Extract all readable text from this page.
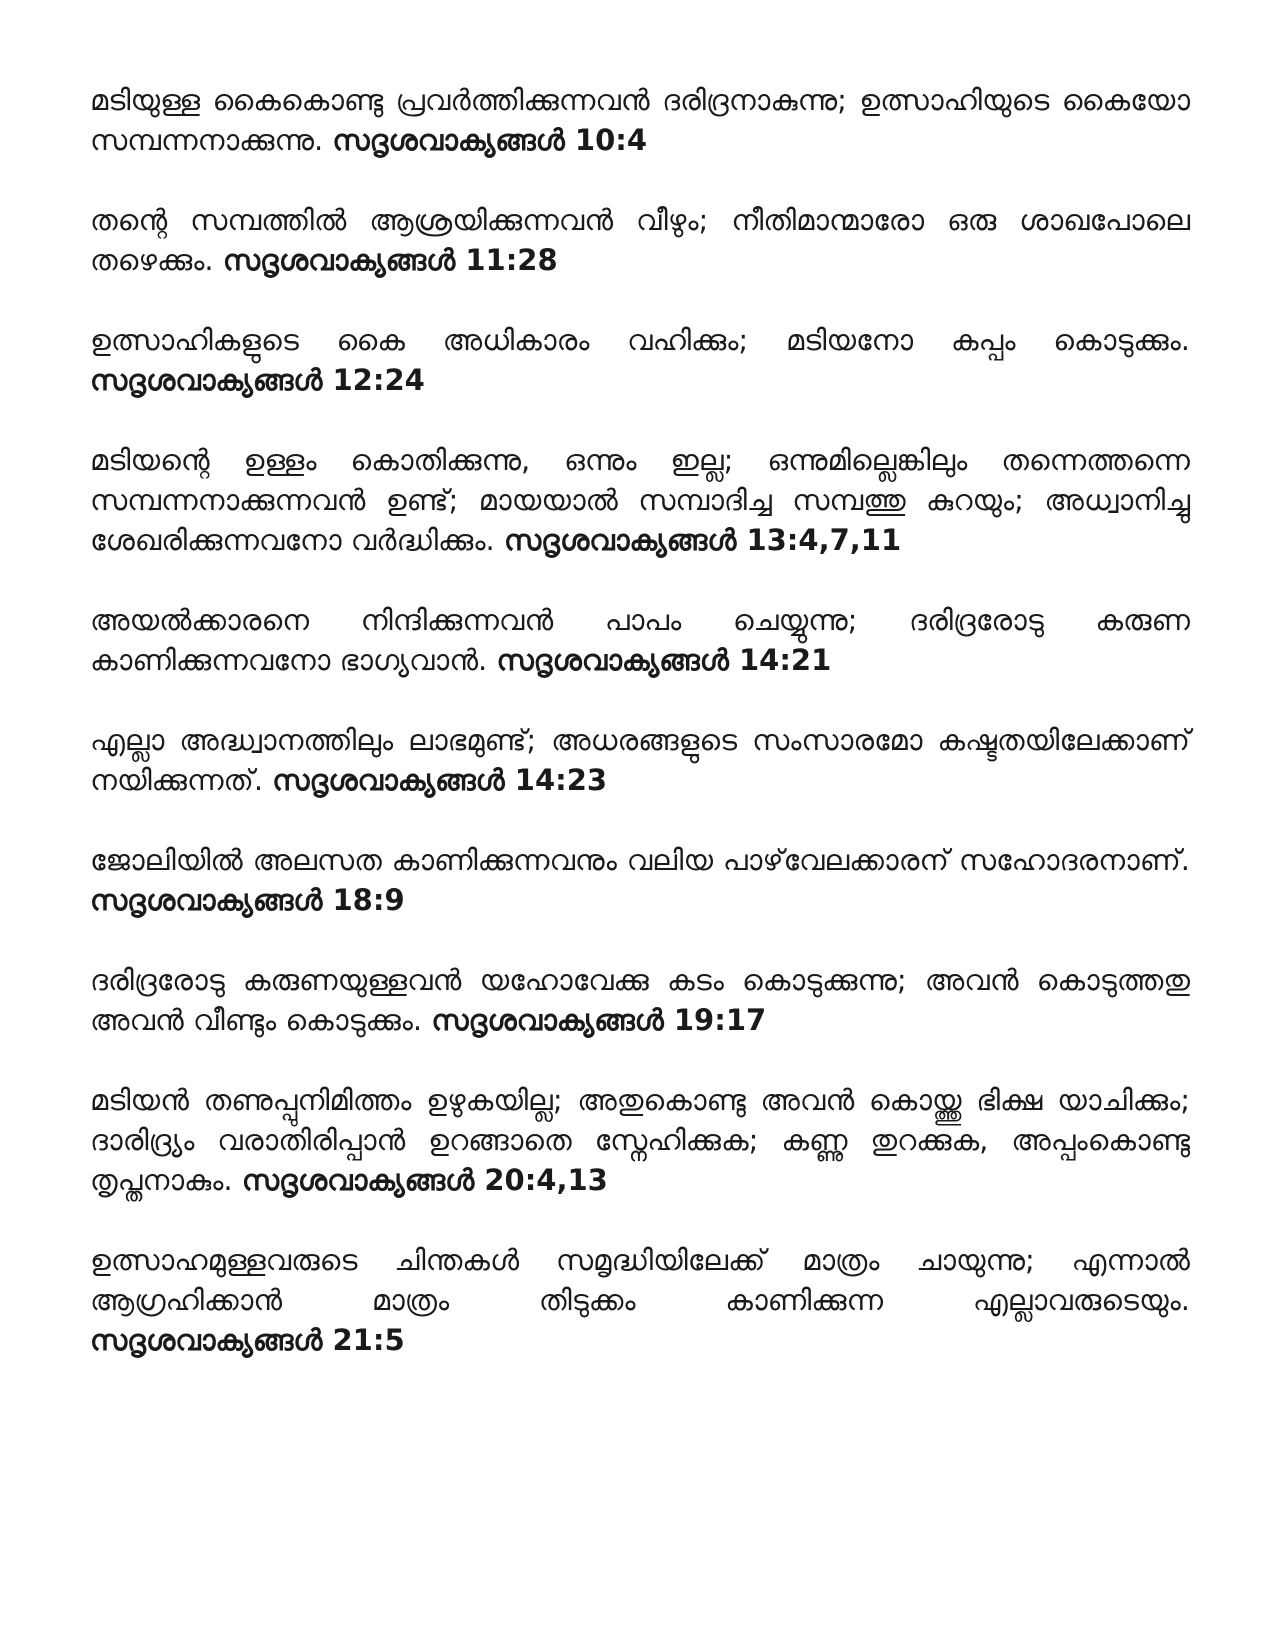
മടിയുള്ള കൈകൊണ്ടു പ്രവർത്തിക്കുന്നവൻ ദരിദ്രനാകുന്നു; ഉത്സാഹിയുടെ കൈയോ സമ്പന്നനാക്കുന്നു. സദൃശവാക്യങ്ങൾ 10:4

തന്റെ സമ്പത്തിൽ ആശ്രയിക്കുന്നവൻ വീഴും; നീതിമാന്മാരോ ഒരു ശാഖപോലെ തഴെക്കും. സദൃശവാക്യങ്ങൾ 11:28

ഉത്സാഹികളുടെ കൈ അധികാരം വഹിക്കും; മടിയനോ കപ്പം കൊടുക്കും. സദൃശവാക്യങ്ങൾ 12:24

മടിയന്റെ ഉള്ളം കൊതിക്കുന്നു, ഒന്നും ഇല്ല; ഒന്നുമില്ലെങ്കിലും തന്നെത്തന്നെ സമ്പന്നനാക്കുന്നവൻ ഉണ്ട്; മായയാൽ സമ്പാദിച്ച സമ്പത്തു കുറയും; അധ്വാനിച്ചു ശേഖരിക്കുന്നവനോ വർദ്ധിക്കും. സദൃശവാക്യങ്ങൾ 13:4,7,11

അയൽക്കാരനെ നിന്ദിക്കുന്നവൻ പാപം ചെയ്യുന്നു; ദരിദ്രരോടു കരുണ കാണിക്കുന്നവനോ ഭാഗ്യവാൻ. സദൃശവാക്യങ്ങൾ 14:21

എല്ലാ അദ്ധ്വാനത്തിലും ലാഭമുണ്ട്; അധരങ്ങളുടെ സംസാരമോ കഷ്ടതയിലേക്കാണ് നയിക്കുന്നത്. സദൃശവാക്യങ്ങൾ 14:23

ജോലിയിൽ അലസത കാണിക്കുന്നവനും വലിയ പാഴ്‌വേലക്കാരന് സഹോദരനാണ്. സദൃശവാക്യങ്ങൾ 18:9

ദരിദ്രരോടു കരുണയുള്ളവൻ യഹോവേക്കു കടം കൊടുക്കുന്നു; അവൻ കൊടുത്തതു അവൻ വീണ്ടും കൊടുക്കും. സദൃശവാക്യങ്ങൾ 19:17

മടിയൻ തണുപ്പുനിമിത്തം ഉഴുകയില്ല; അതുകൊണ്ടു അവൻ കൊയ്ത്തു ഭിക്ഷ യാചിക്കും; ദാരിദ്ര്യം വരാതിരിപ്പാൻ ഉറങ്ങാതെ സ്നേഹിക്കുക; കണ്ണു തുറക്കുക, അപ്പംകൊണ്ടു തൃപ്തനാകും. സദൃശവാക്യങ്ങൾ 20:4,13

ഉത്സാഹമുള്ളവരുടെ ചിന്തകൾ സമൃദ്ധിയിലേക്ക് മാത്രം ചായുന്നു; എന്നാൽ ആഗ്രഹിക്കാൻ മാത്രം തിടുക്കം കാണിക്കുന്ന എല്ലാവരുടെയും. സദൃശവാക്യങ്ങൾ 21:5
